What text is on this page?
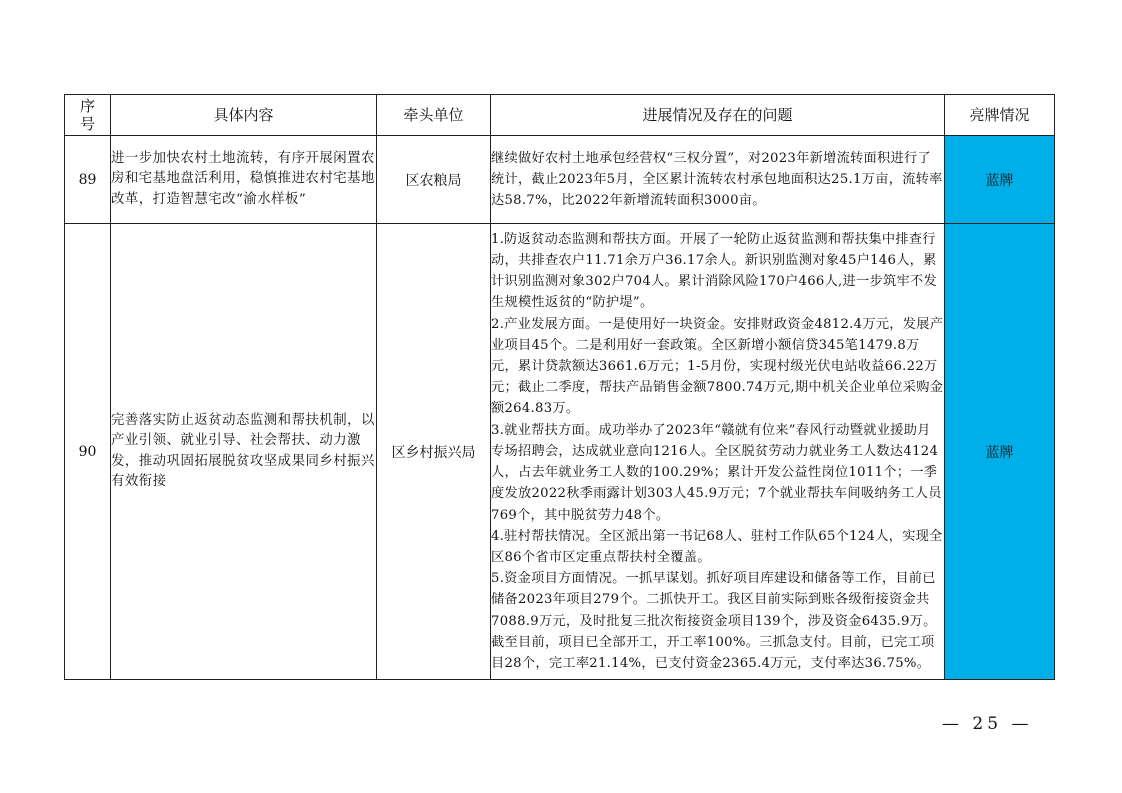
序号	具体内容	牵头单位	进展情况及存在的问题	亮牌情况
89	进一步加快农村土地流转，有序开展闲置农房和宅基地盘活利用，稳慎推进农村宅基地改革，打造智慧宅改“渝水样板”	区农粮局	继续做好农村土地承包经营权“三权分置”，对2023年新增流转面积进行了统计，截止2023年5月，全区累计流转农村承包地面积达25.1万亩，流转率达58.7%，比2022年新增流转面积3000亩。	蓝牌
90	完善落实防止返贫动态监测和帮扶机制，以产业引领、就业引导、社会帮扶、动力激发，推动巩固拓展脱贫攻坚成果同乡村振兴有效衔接	区乡村振兴局	1.防返贫动态监测和帮扶方面。开展了一轮防止返贫监测和帮扶集中排查行动，共排查农户11.71余万户36.17余人。新识别监测对象45户146人，累计识别监测对象302户704人。累计消除风险170户466人,进一步筑牢不发生规模性返贫的“防护堤”。
2.产业发展方面。一是使用好一块资金。安排财政资金4812.4万元，发展产业项目45个。二是利用好一套政策。全区新增小额信贷345笔1479.8万元，累计贷款额达3661.6万元；1-5月份，实现村级光伏电站收益66.22万元；截止二季度，帮扶产品销售金额7800.74万元,期中机关企业单位采购金额264.83万。
3.就业帮扶方面。成功举办了2023年“赣就有位来”春风行动暨就业援助月专场招聘会，达成就业意向1216人。全区脱贫劳动力就业务工人数达4124人，占去年就业务工人数的100.29%；累计开发公益性岗位1011个；一季度发放2022秋季雨露计划303人45.9万元；7个就业帮扶车间吸纳务工人员769个，其中脱贫劳力48个。
4.驻村帮扶情况。全区派出第一书记68人、驻村工作队65个124人，实现全区86个省市区定重点帮扶村全覆盖。
5.资金项目方面情况。一抓早谋划。抓好项目库建设和储备等工作，目前已储备2023年项目279个。二抓快开工。我区目前实际到账各级衔接资金共7088.9万元，及时批复三批次衔接资金项目139个，涉及资金6435.9万。截至目前，项目已全部开工，开工率100%。三抓急支付。目前，已完工项目28个，完工率21.14%，已支付资金2365.4万元，支付率达36.75%。	蓝牌
— 25 —
